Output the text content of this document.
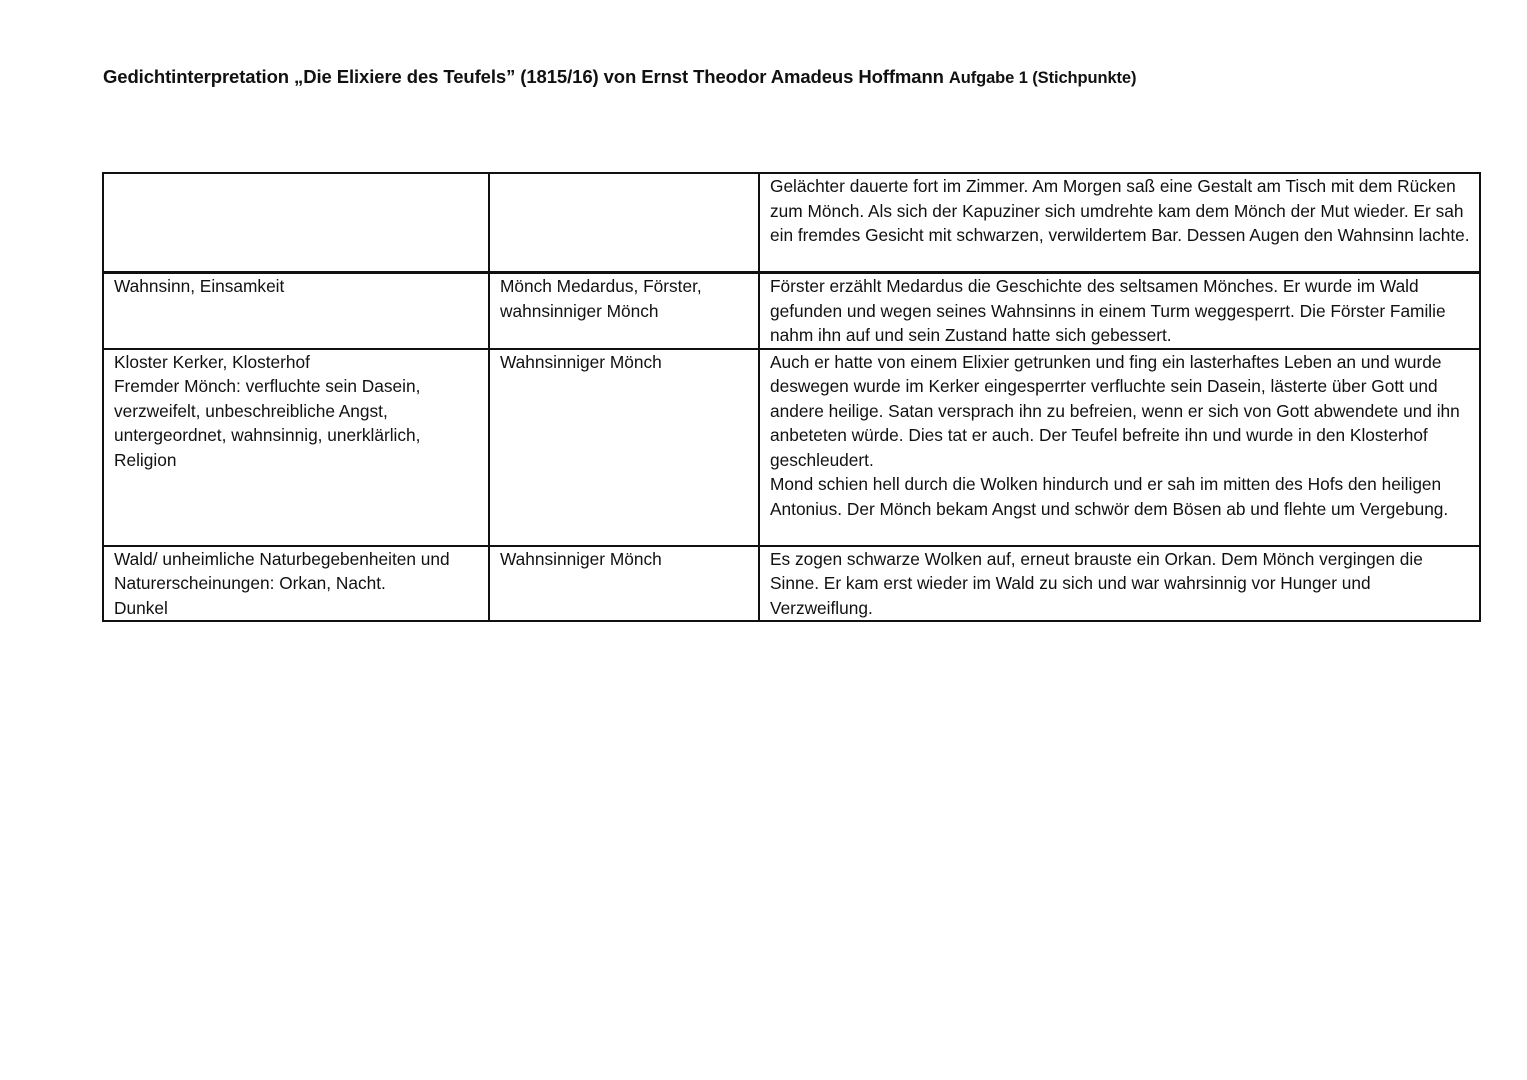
Gedichtinterpretation „Die Elixiere des Teufels” (1815/16) von Ernst Theodor Amadeus Hoffmann Aufgabe 1 (Stichpunkte)

		Gelächter dauerte fort im Zimmer. Am Morgen saß eine Gestalt am Tisch mit dem Rücken zum Mönch. Als sich der Kapuziner sich umdrehte kam dem Mönch der Mut wieder. Er sah ein fremdes Gesicht mit schwarzen, verwildertem Bar. Dessen Augen den Wahnsinn lachte.

Wahnsinn, Einsamkeit	Mönch Medardus, Förster, wahnsinniger Mönch	Förster erzählt Medardus die Geschichte des seltsamen Mönches. Er wurde im Wald gefunden und wegen seines Wahnsinns in einem Turm weggesperrt. Die Förster Familie nahm ihn auf und sein Zustand hatte sich gebessert.

Kloster Kerker, Klosterhof
Fremder Mönch: verfluchte sein Dasein, verzweifelt, unbeschreibliche Angst, untergeordnet, wahnsinnig, unerklärlich, Religion	Wahnsinniger Mönch	Auch er hatte von einem Elixier getrunken und fing ein lasterhaftes Leben an und wurde deswegen wurde im Kerker eingesperrter verfluchte sein Dasein, lästerte über Gott und andere heilige. Satan versprach ihn zu befreien, wenn er sich von Gott abwendete und ihn anbeteten würde. Dies tat er auch. Der Teufel befreite ihn und wurde in den Klosterhof geschleudert.
Mond schien hell durch die Wolken hindurch und er sah im mitten des Hofs den heiligen Antonius. Der Mönch bekam Angst und schwör dem Bösen ab und flehte um Vergebung.

Wald/ unheimliche Naturbegebenheiten und Naturerscheinungen: Orkan, Nacht.
Dunkel	Wahnsinniger Mönch	Es zogen schwarze Wolken auf, erneut brauste ein Orkan. Dem Mönch vergingen die Sinne. Er kam erst wieder im Wald zu sich und war wahrsinnig vor Hunger und Verzweiflung.
